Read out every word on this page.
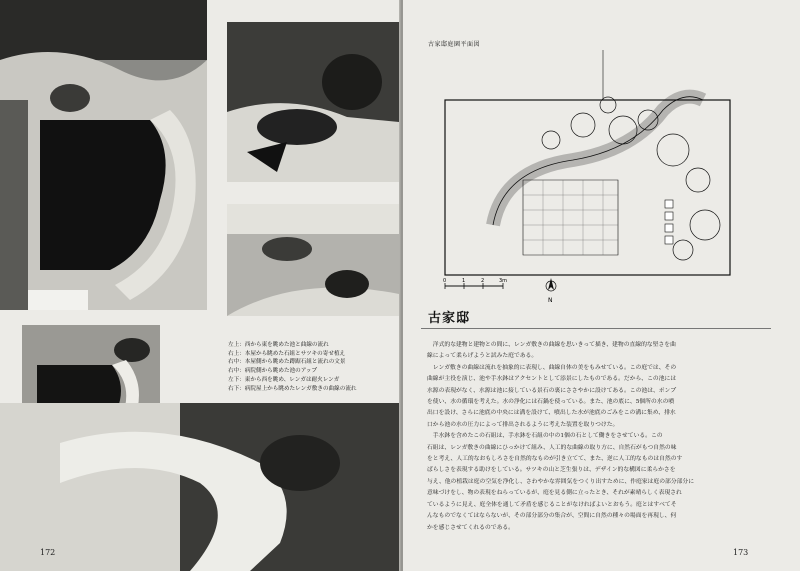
左上：西から東を眺めた池と曲線の流れ
右上：本屋から眺めた石組とサツキの寄せ植え
右中：本屋側から眺めた蹲踞石組と流れの文景
右中：病院側から眺めた池のアップ
左下：東から西を眺め、レンガは耐火レンガ
右下：病院屋上から眺めたレンガ敷きの曲線の流れ
172
古家邸庭園平面図
0	1	2	3m
N
古家邸
　洋式的な建物と建物との間に、レンガ敷きの曲線を思いきって描き、建物の直線的な堅さを曲
線によって柔らげようと試みた庭である。
　レンガ敷きの曲線は流れを抽象的に表現し、曲線自体の美をもみせている。この庭では、その
曲線が主役を演じ、池や手水鉢はアクセントとして添景にしたものである。だから、この池には
水源の表現がなく、水源は池に接している景石の裏にささやかに設けてある。この池は、ポンプ
を使い、水の循環を考えた。水の浄化には石鍋を使っている。また、池の底に、5個所の水の噴
出口を設け、さらに池底の中央には溝を設けて、噴出した水が池底のごみをこの溝に集め、排水
口から池の水の圧力によって排出されるように考えた装置を取りつけた。
　手水鉢を含めたこの石組は、手水鉢を石組の中の1個の石として働きをさせている。この
石組は、レンガ敷きの曲線にひっかけて組み、人工的な曲線の取り方に、自然石がもつ自然の味
をと考え、人工的なおもしろさを自然的なものが引き立てて、また、逆に人工的なものは自然のす
ばらしさを表現する助けをしている。サツキの山と芝生張りは、デザイン的な構図に柔らかさを
与え、他の植栽は庭の空気を浄化し、さわやかな雰囲気をつくり出すために、作庭家は庭の部分部分に
意味づけをし、物の表現をねらっているが、庭を見る側に立ったとき、それが素晴らしく表現され
ているように見え、庭全体を通して矛盾を感じることがなければよいとおもう。庭とはすべてそ
んなものでなくてはならないが、その部分部分の集合が、空間に自然の種々の場面を再現し、何
かを感じさせてくれるのである。
173
